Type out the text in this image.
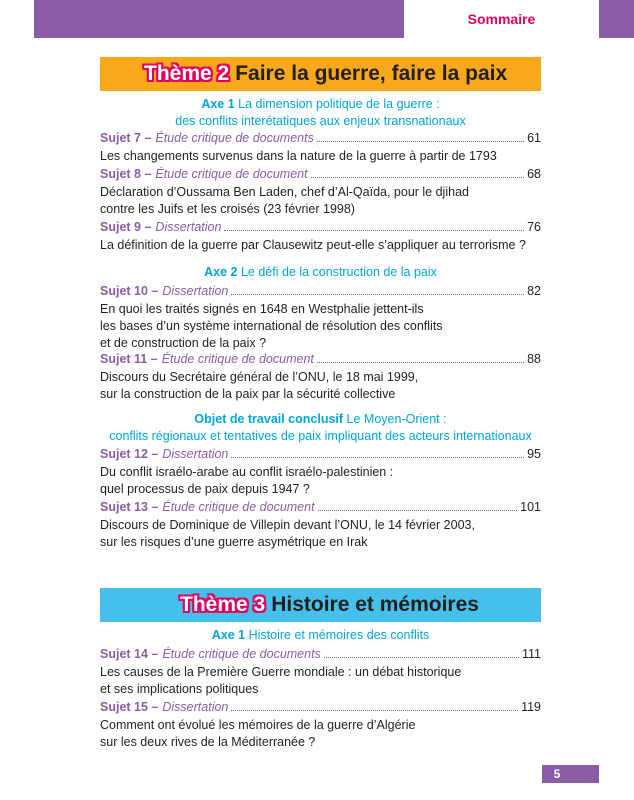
Sommaire
Thème 2 Faire la guerre, faire la paix
Axe 1 La dimension politique de la guerre :
des conflits interétatiques aux enjeux transnationaux
Sujet 7 – Étude critique de documents	61
Les changements survenus dans la nature de la guerre à partir de 1793
Sujet 8 – Étude critique de document	68
Déclaration d’Oussama Ben Laden, chef d’Al-Qaïda, pour le djihad
contre les Juifs et les croisés (23 février 1998)
Sujet 9 – Dissertation	76
La définition de la guerre par Clausewitz peut-elle s’appliquer au terrorisme ?
Axe 2 Le défi de la construction de la paix
Sujet 10 – Dissertation	82
En quoi les traités signés en 1648 en Westphalie jettent-ils
les bases d’un système international de résolution des conflits
et de construction de la paix ?
Sujet 11 – Étude critique de document	88
Discours du Secrétaire général de l’ONU, le 18 mai 1999,
sur la construction de la paix par la sécurité collective
Objet de travail conclusif Le Moyen-Orient :
conflits régionaux et tentatives de paix impliquant des acteurs internationaux
Sujet 12 – Dissertation	95
Du conflit israélo-arabe au conflit israélo-palestinien :
quel processus de paix depuis 1947 ?
Sujet 13 – Étude critique de document	101
Discours de Dominique de Villepin devant l’ONU, le 14 février 2003,
sur les risques d’une guerre asymétrique en Irak
Thème 3 Histoire et mémoires
Axe 1 Histoire et mémoires des conflits
Sujet 14 – Étude critique de documents	111
Les causes de la Première Guerre mondiale : un débat historique
et ses implications politiques
Sujet 15 – Dissertation	119
Comment ont évolué les mémoires de la guerre d’Algérie
sur les deux rives de la Méditerranée ?
5
